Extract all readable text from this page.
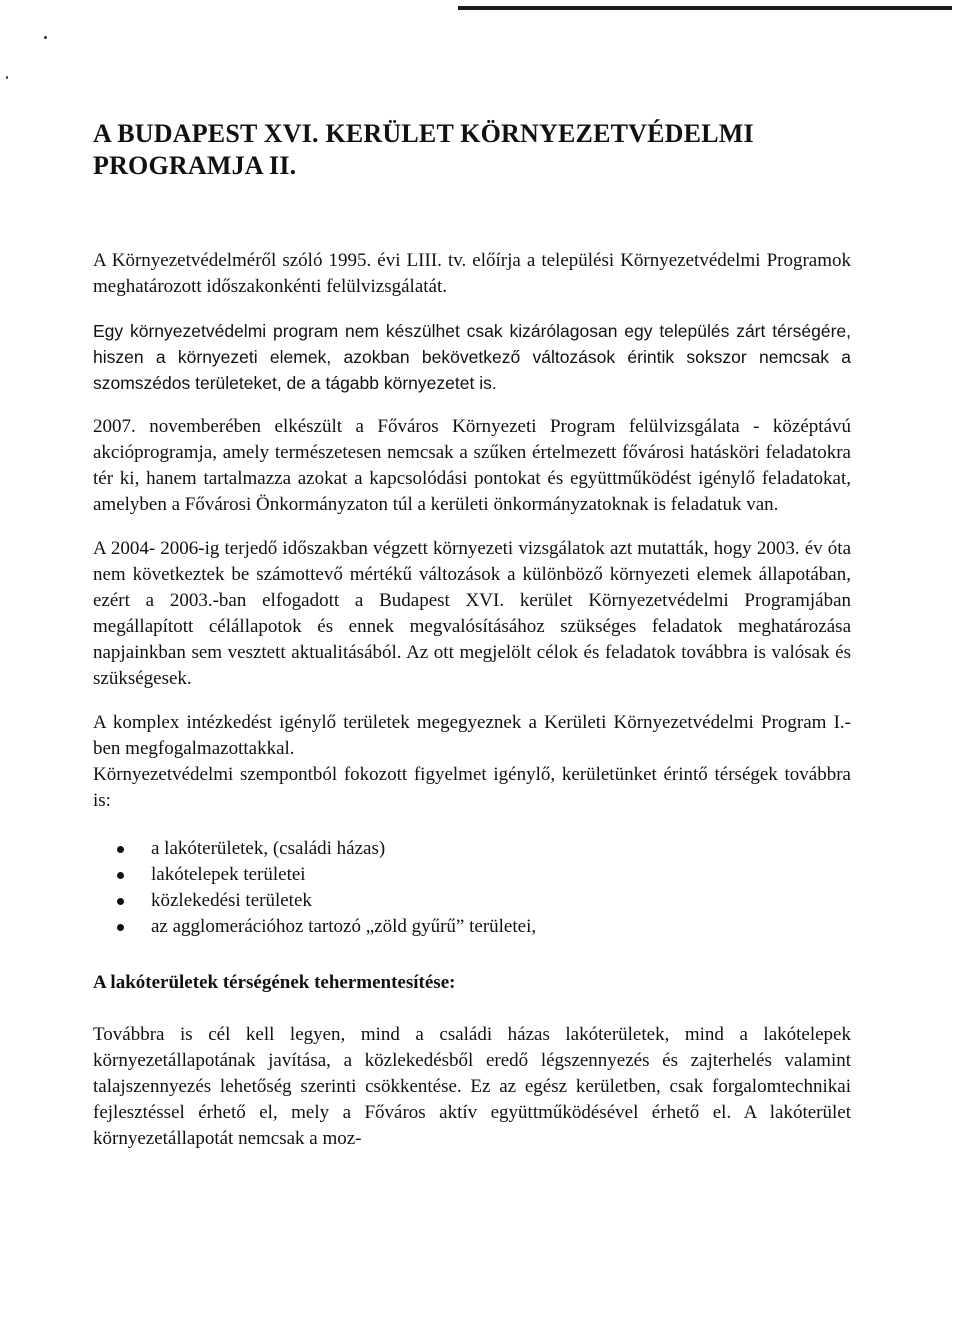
A BUDAPEST XVI. KERÜLET KÖRNYEZETVÉDELMI PROGRAMJA II.

A Környezetvédelméről szóló 1995. évi LIII. tv. előírja a települési Környezetvédelmi Programok meghatározott időszakonkénti felülvizsgálatát.

Egy környezetvédelmi program nem készülhet csak kizárólagosan egy település zárt térségére, hiszen a környezeti elemek, azokban bekövetkező változások érintik sokszor nemcsak a szomszédos területeket, de a tágabb környezetet is.

2007. novemberében elkészült a Főváros Környezeti Program felülvizsgálata - középtávú akcióprogramja, amely természetesen nemcsak a szűken értelmezett fővárosi hatásköri feladatokra tér ki, hanem tartalmazza azokat a kapcsolódási pontokat és együttműködést igénylő feladatokat, amelyben a Fővárosi Önkormányzaton túl a kerületi önkormányzatoknak is feladatuk van.

A 2004- 2006-ig terjedő időszakban végzett környezeti vizsgálatok azt mutatták, hogy 2003. év óta nem következtek be számottevő mértékű változások a különböző környezeti elemek állapotában, ezért a 2003.-ban elfogadott a Budapest XVI. kerület Környezetvédelmi Programjában megállapított célállapotok és ennek megvalósításához szükséges feladatok meghatározása napjainkban sem vesztett aktualitásából. Az ott megjelölt célok és feladatok továbbra is valósak és szükségesek.

A komplex intézkedést igénylő területek megegyeznek a Kerületi Környezetvédelmi Program I.-ben megfogalmazottakkal.

Környezetvédelmi szempontból fokozott figyelmet igénylő, kerületünket érintő térségek továbbra is:

a lakóterületek, (családi házas)
lakótelepek területei
közlekedési területek
az agglomerációhoz tartozó „zöld gyűrű” területei,
A lakóterületek térségének tehermentesítése:

Továbbra is cél kell legyen, mind a családi házas lakóterületek, mind a lakótelepek környezetállapotának javítása, a közlekedésből eredő légszennyezés és zajterhelés valamint talajszennyezés lehetőség szerinti csökkentése. Ez az egész kerületben, csak forgalomtechnikai fejlesztéssel érhető el, mely a Főváros aktív együttműködésével érhető el. A lakóterület környezetállapotát nemcsak a moz-
